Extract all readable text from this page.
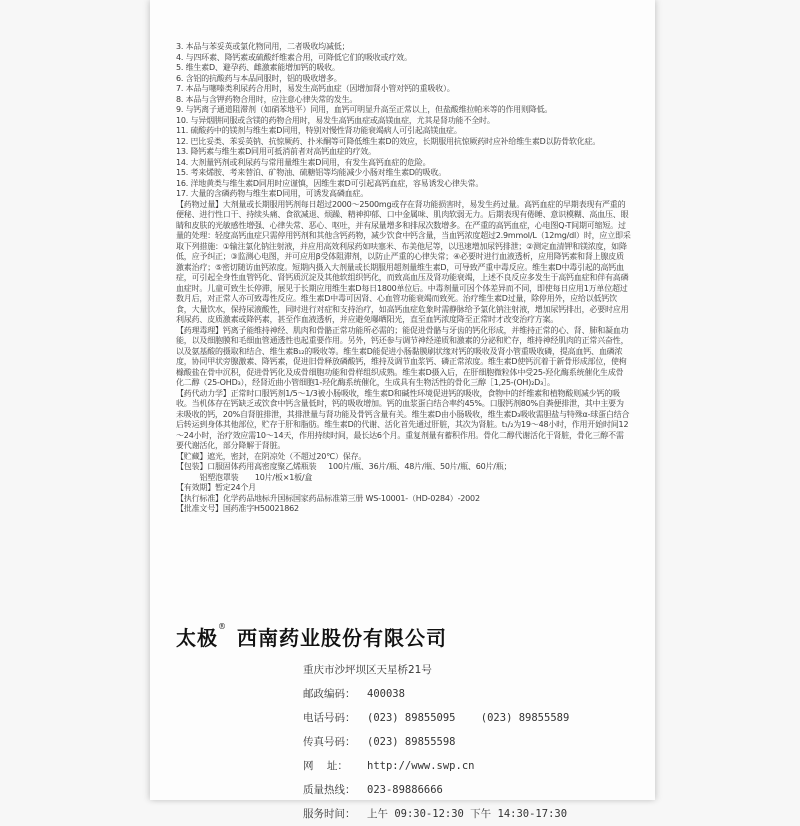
3. 本品与苯妥英或氯化物同用，二者吸收均减低；

4. 与四环素、降钙素或硫酸纤维素合用，可降低它们的吸收或疗效。

5. 维生素D、避孕药、雌激素能增加钙的吸收。

6. 含铝的抗酸药与本品同服时，铝的吸收增多。

7. 本品与噻嗪类利尿药合用时，易发生高钙血症（因增加肾小管对钙的重吸收）。

8. 本品与含钾药物合用时，应注意心律失常的发生。

9. 与钙离子通道阻滞剂（如硝苯地平）同用，血钙可明显升高至正常以上，但盐酸维拉帕米等的作用则降低。

10. 与异烟肼同服或含镁的药物合用时，易发生高钙血症或高镁血症，尤其是肾功能不全时。

11. 硫酸药中的镁剂与维生素D同用，特别对慢性肾功能衰竭病人可引起高镁血症。

12. 巴比妥类、苯妥英钠、抗惊厥药、扑米酮等可降低维生素D的效应，长期服用抗惊厥药时应补给维生素D以防骨软化症。

13. 降钙素与维生素D同用可抵消前者对高钙血症的疗效。

14. 大剂量钙剂或利尿药与常用量维生素D同用，有发生高钙血症的危险。

15. 考来烯胺、考来替泊、矿物油、硫糖铝等均能减少小肠对维生素D的吸收。

16. 洋地黄类与维生素D同用时应谨慎，因维生素D可引起高钙血症，容易诱发心律失常。

17. 大量的含磷药物与维生素D同用，可诱发高磷血症。

【药物过量】大剂量或长期服用钙剂每日超过2000～2500mg或存在肾功能损害时，易发生药过量。高钙血症的早期表现有严重的便秘、进行性口干、持续头痛、食欲减退、烦躁、精神抑郁、口中金属味、肌肉软弱无力。后期表现有倦睡、意识模糊、高血压、眼睛和皮肤的光敏感性增强、心律失常、恶心、呕吐，并有尿量增多和排尿次数增多。在严重的高钙血症，心电图Q-T间期可缩短。过量的处理：轻度高钙血症只需停用钙剂和其他含钙药物，减少饮食中钙含量，当血钙浓度超过2.9mmol/L（12mg/dl）时，应立即采取下列措施：①输注氯化钠注射液，并应用高效利尿药如呋塞米、布美他尼等，以迅速增加尿钙排泄；②测定血清钾和镁浓度，如降低，应予纠正；③监测心电图，并可应用β受体阻滞剂，以防止严重的心律失常；④必要时进行血液透析，应用降钙素和肾上腺皮质激素治疗；⑤密切随访血钙浓度。短期内摄入大剂量或长期服用超剂量维生素D，可导致严重中毒反应。维生素D中毒引起的高钙血症，可引起全身性血管钙化、肾钙质沉淀及其他软组织钙化，而致高血压及肾功能衰竭，上述不良反应多发生于高钙血症和伴有高磷血症时。儿童可致生长停滞，展见于长期应用维生素D每日1800单位后。中毒剂量可因个体差异而不同，即使每日应用1万单位超过数月后，对正常人亦可致毒性反应。维生素D中毒可因肾、心血管功能衰竭而致死。治疗维生素D过量，除停用外，应给以低钙饮食，大量饮水，保持尿液酸性，同时进行对症和支持治疗，如高钙血症危象时需静脉给予氯化钠注射液，增加尿钙排出，必要时应用利尿药、皮质激素或降钙素，甚至作血液透析，并应避免曝晒阳光，直至血钙浓度降至正常时才改变治疗方案。

【药理毒理】钙离子能维持神经、肌肉和骨骼正常功能所必需的；能促进骨骼与牙齿的钙化形成，并维持正常的心、肾、肺和凝血功能，以及细胞膜和毛细血管通透性也起重要作用。另外，钙还参与调节神经递质和激素的分泌和贮存，维持神经肌肉的正常兴奋性，以及氨基酸的摄取和结合、维生素B₁₂的吸收等。维生素D能促进小肠黏膜刷状缘对钙的吸收及肾小管重吸收磷，提高血钙、血磷浓度，协同甲状旁腺激素、降钙素，促进旧骨释放磷酸钙，维持及调节血浆钙、磷正常浓度。维生素D使钙沉着于新骨形成部位，使枸橼酸盐在骨中沉积，促进骨钙化及成骨细胞功能和骨样组织成熟。维生素D摄入后，在肝细胞微粒体中受25-羟化酶系统催化生成骨化二醇（25-OHD₃），经肾近曲小管细胞1-羟化酶系统催化，生成具有生物活性的骨化三醇［1,25-(OH)₂D₃］。

【药代动力学】正常时口服钙剂1/5～1/3被小肠吸收，维生素D和碱性环境促进钙的吸收，食物中的纤维素和植物酸则减少钙的吸收。当机体存在钙缺乏或饮食中钙含量低时，钙的吸收增加。钙的血浆蛋白结合率约45%。口服钙剂80%自粪便排泄，其中主要为未吸收的钙，20%自肾脏排泄，其排泄量与肾功能及骨钙含量有关。维生素D由小肠吸收，维生素D₃吸收需胆盐与特殊α-球蛋白结合后转运到身体其他部位，贮存于肝和脂肪。维生素D的代谢、活化首先通过肝脏，其次为肾脏。t₁/₂为19～48小时，作用开始时间12～24小时，治疗效应需10～14天，作用持续时间，最长达6个月。重复剂量有蓄积作用。骨化二醇代谢活化于肾脏，骨化三醇不需要代谢活化，部分降解于肾脏。

【贮藏】遮光，密封，在阴凉处（不超过20℃）保存。

【包装】口服固体药用高密度聚乙烯瓶装     100片/瓶、36片/瓶、48片/瓶、50片/瓶、60片/瓶；

铝塑泡罩装       10片/板×1板/盒

【有效期】暂定24个月

【执行标准】化学药品地标升国标国家药品标准第三册 WS-10001-（HD-0284）-2002

【批准文号】国药准字H50021862

太极® 西南药业股份有限公司
重庆市沙坪坝区天星桥21号
邮政编码： 400038
电话号码： (023) 89855095    (023) 89855589
传真号码： (023) 89855598
网    址： http://www.swp.cn
质量热线： 023-89886666
服务时间： 上午 09:30-12:30 下午 14:30-17:30
